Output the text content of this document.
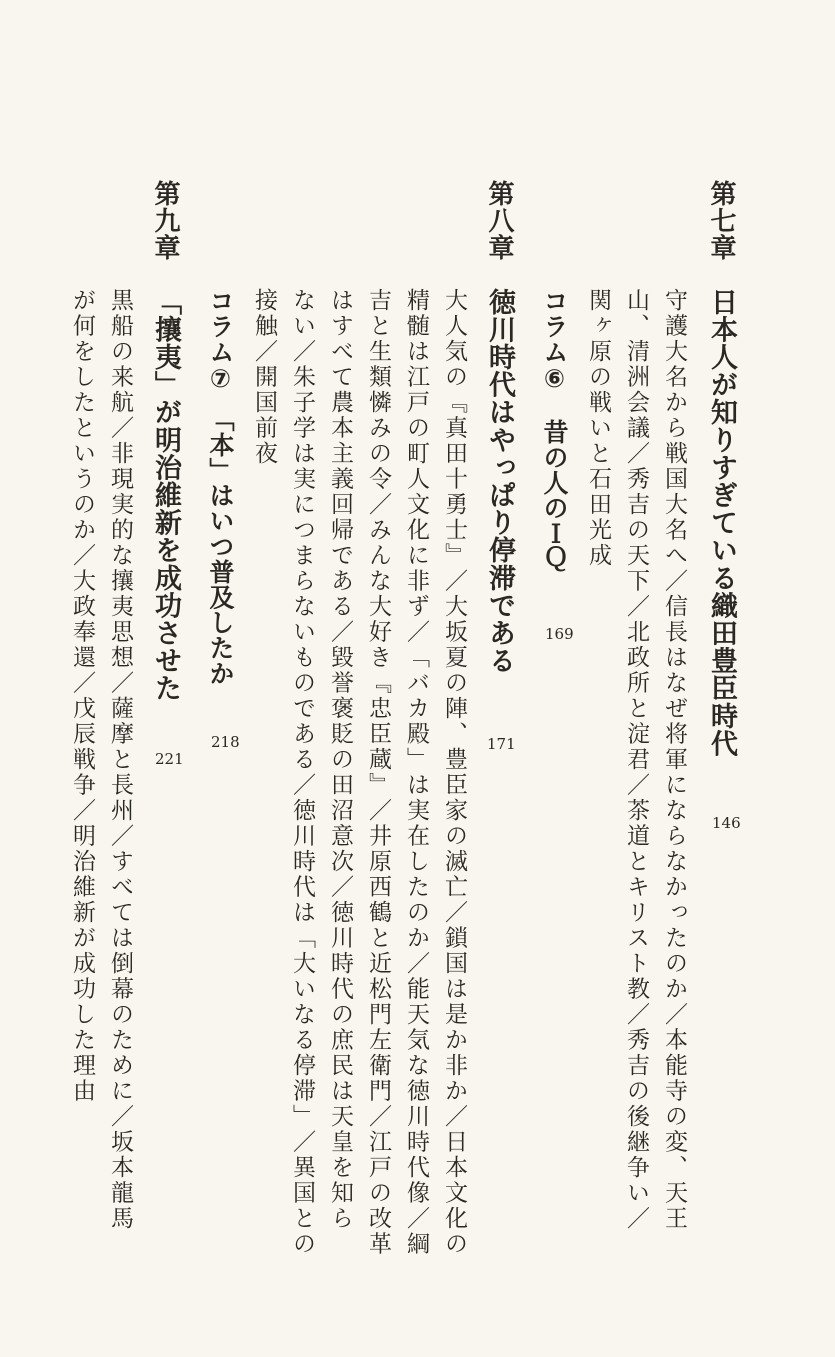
第七章
日本人が知りすぎている織田豊臣時代
146
守護大名から戦国大名へ／信長はなぜ将軍にならなかったのか／本能寺の変、天王
山、清洲会議／秀吉の天下／北政所と淀君／茶道とキリスト教／秀吉の後継争い／
関ヶ原の戦いと石田光成
コラム⑥　昔の人のＩＱ
169
第八章
徳川時代はやっぱり停滞である
171
大人気の『真田十勇士』／大坂夏の陣、豊臣家の滅亡／鎖国は是か非か／日本文化の
精髄は江戸の町人文化に非ず／「バカ殿」は実在したのか／能天気な徳川時代像／綱
吉と生類憐みの令／みんな大好き『忠臣蔵』／井原西鶴と近松門左衛門／江戸の改革
はすべて農本主義回帰である／毀誉褒貶の田沼意次／徳川時代の庶民は天皇を知ら
ない／朱子学は実につまらないものである／徳川時代は「大いなる停滞」／異国との
接触／開国前夜
コラム⑦　「本」はいつ普及したか
218
第九章
「攘夷」が明治維新を成功させた
221
黒船の来航／非現実的な攘夷思想／薩摩と長州／すべては倒幕のために／坂本龍馬
が何をしたというのか／大政奉還／戊辰戦争／明治維新が成功した理由
